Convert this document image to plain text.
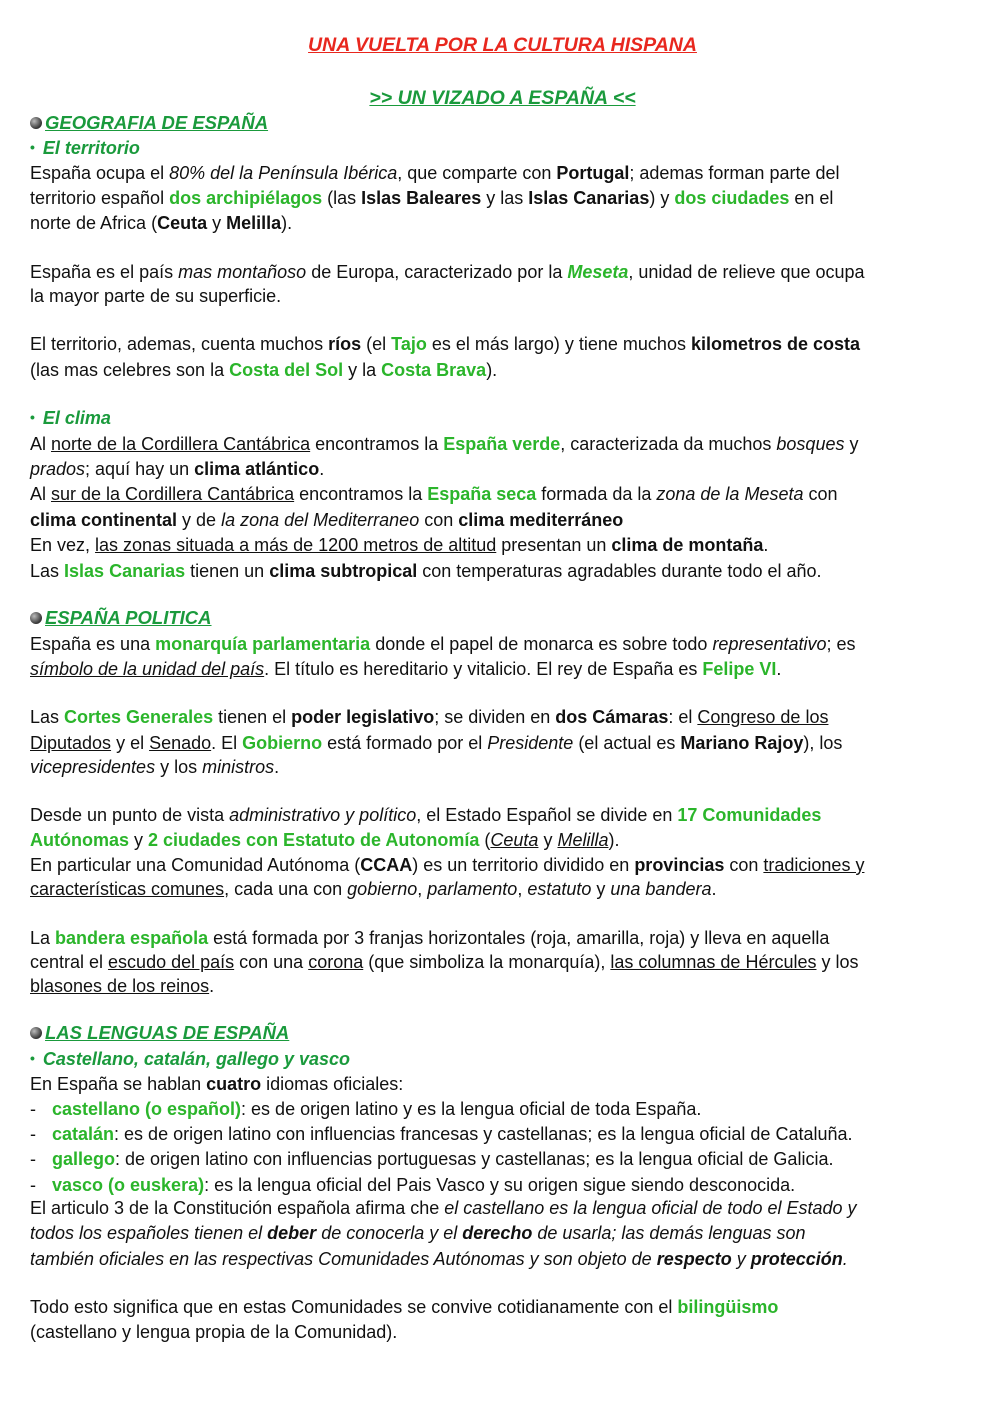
UNA VUELTA POR LA CULTURA HISPANA
>> UN VIZADO A ESPAÑA <<
GEOGRAFIA DE ESPAÑA
• El territorio
España ocupa el 80% del la Península Ibérica, que comparte con Portugal; ademas forman parte del
territorio español dos archipiélagos (las Islas Baleares y las Islas Canarias) y dos ciudades en el
norte de Africa (Ceuta y Melilla).
España es el país mas montañoso de Europa, caracterizado por la Meseta, unidad de relieve que ocupa
la mayor parte de su superficie.
El territorio, ademas, cuenta muchos ríos (el Tajo es el más largo) y tiene muchos kilometros de costa
(las mas celebres son la Costa del Sol y la Costa Brava).
• El clima
Al norte de la Cordillera Cantábrica encontramos la España verde, caracterizada da muchos bosques y
prados; aquí hay un clima atlántico.
Al sur de la Cordillera Cantábrica encontramos la España seca formada da la zona de la Meseta con
clima continental y de la zona del Mediterraneo con clima mediterráneo
En vez, las zonas situada a más de 1200 metros de altitud presentan un clima de montaña.
Las Islas Canarias tienen un clima subtropical con temperaturas agradables durante todo el año.
ESPAÑA POLITICA
España es una monarquía parlamentaria donde el papel de monarca es sobre todo representativo; es
símbolo de la unidad del país. El título es hereditario y vitalicio. El rey de España es Felipe VI.
Las Cortes Generales tienen el poder legislativo; se dividen en dos Cámaras: el Congreso de los
Diputados y el Senado. El Gobierno está formado por el Presidente (el actual es Mariano Rajoy), los
vicepresidentes y los ministros.
Desde un punto de vista administrativo y político, el Estado Español se divide en 17 Comunidades
Autónomas y 2 ciudades con Estatuto de Autonomía (Ceuta y Melilla).
En particular una Comunidad Autónoma (CCAA) es un territorio dividido en provincias con tradiciones y
características comunes, cada una con gobierno, parlamento, estatuto y una bandera.
La bandera española está formada por 3 franjas horizontales (roja, amarilla, roja) y lleva en aquella
central el escudo del país con una corona (que simboliza la monarquía), las columnas de Hércules y los
blasones de los reinos.
LAS LENGUAS DE ESPAÑA
• Castellano, catalán, gallego y vasco
En España se hablan cuatro idiomas oficiales:
- castellano (o español): es de origen latino y es la lengua oficial de toda España.
- catalán: es de origen latino con influencias francesas y castellanas; es la lengua oficial de Cataluña.
- gallego: de origen latino con influencias portuguesas y castellanas; es la lengua oficial de Galicia.
- vasco (o euskera): es la lengua oficial del Pais Vasco y su origen sigue siendo desconocida.
El articulo 3 de la Constitución española afirma che el castellano es la lengua oficial de todo el Estado y
todos los españoles tienen el deber de conocerla y el derecho de usarla; las demás lenguas son
también oficiales en las respectivas Comunidades Autónomas y son objeto de respecto y protección.
Todo esto significa que en estas Comunidades se convive cotidianamente con el bilingüismo
(castellano y lengua propia de la Comunidad).
